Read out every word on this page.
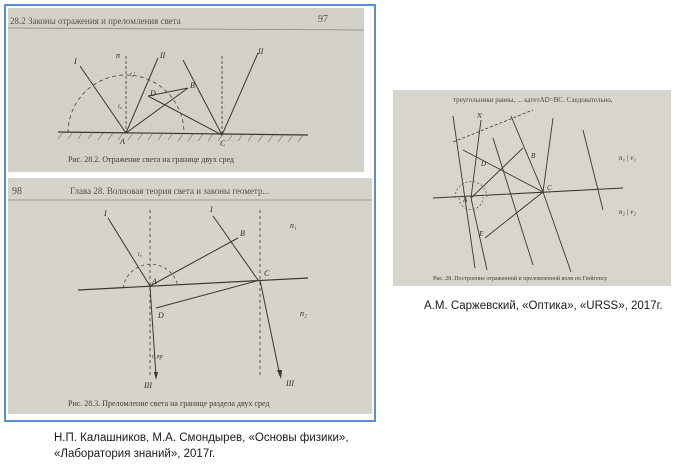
28.2 Законы отражения и преломления света	97
I
n	II
D
B
A	C
II
i₀
i₀'
Рис. 28.2. Отражение света на границе двух сред
98	Глава 28. Волновая теория света и законы геометр...
I	I
n₁
B
A
C
D	n₂
III	III
i₀
i_пр
Рис. 28.3. Преломление света на границе раздела двух сред
треугольники равны, ... катетAD=BC. Следовательно,
N
A
B
C
D
E
n₁ | v₁
n₂ | v₂
Рис. 28. Построение отраженной и преломленной волн по Гюйгенсу
Н.П. Калашников, М.А. Смондырев, «Основы физики»,
«Лаборатория знаний», 2017г.
А.М. Саржевский, «Оптика», «URSS», 2017г.
